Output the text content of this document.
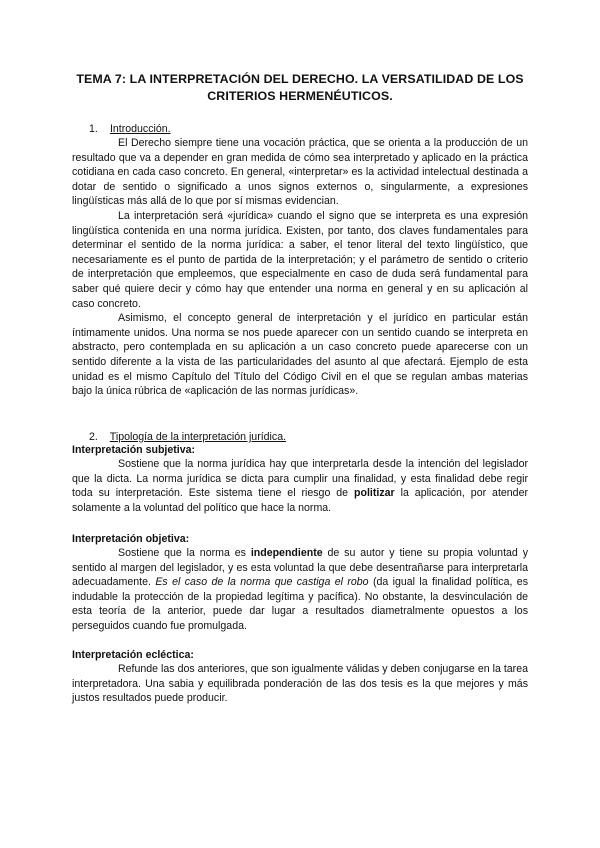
TEMA 7: LA INTERPRETACIÓN DEL DERECHO. LA VERSATILIDAD DE LOS CRITERIOS HERMENÉUTICOS.
1. Introducción.

El Derecho siempre tiene una vocación práctica, que se orienta a la producción de un resultado que va a depender en gran medida de cómo sea interpretado y aplicado en la práctica cotidiana en cada caso concreto. En general, «interpretar» es la actividad intelectual destinada a dotar de sentido o significado a unos signos externos o, singularmente, a expresiones lingüísticas más allá de lo que por sí mismas evidencian.

La interpretación será «jurídica» cuando el signo que se interpreta es una expresión lingüística contenida en una norma jurídica. Existen, por tanto, dos claves fundamentales para determinar el sentido de la norma jurídica: a saber, el tenor literal del texto lingüístico, que necesariamente es el punto de partida de la interpretación; y el parámetro de sentido o criterio de interpretación que empleemos, que especialmente en caso de duda será fundamental para saber qué quiere decir y cómo hay que entender una norma en general y en su aplicación al caso concreto.

Asimismo, el concepto general de interpretación y el jurídico en particular están íntimamente unidos. Una norma se nos puede aparecer con un sentido cuando se interpreta en abstracto, pero contemplada en su aplicación a un caso concreto puede aparecerse con un sentido diferente a la vista de las particularidades del asunto al que afectará. Ejemplo de esta unidad es el mismo Capítulo del Título del Código Civil en el que se regulan ambas materias bajo la única rúbrica de «aplicación de las normas jurídicas».

2. Tipología de la interpretación jurídica.
Interpretación subjetiva:

Sostiene que la norma jurídica hay que interpretarla desde la intención del legislador que la dicta. La norma jurídica se dicta para cumplir una finalidad, y esta finalidad debe regir toda su interpretación. Este sistema tiene el riesgo de politizar la aplicación, por atender solamente a la voluntad del político que hace la norma.

Interpretación objetiva:

Sostiene que la norma es independiente de su autor y tiene su propia voluntad y sentido al margen del legislador, y es esta voluntad la que debe desentrañarse para interpretarla adecuadamente. Es el caso de la norma que castiga el robo (da igual la finalidad política, es indudable la protección de la propiedad legítima y pacífica). No obstante, la desvinculación de esta teoría de la anterior, puede dar lugar a resultados diametralmente opuestos a los perseguidos cuando fue promulgada.

Interpretación ecléctica:

Refunde las dos anteriores, que son igualmente válidas y deben conjugarse en la tarea interpretadora. Una sabia y equilibrada ponderación de las dos tesis es la que mejores y más justos resultados puede producir.
